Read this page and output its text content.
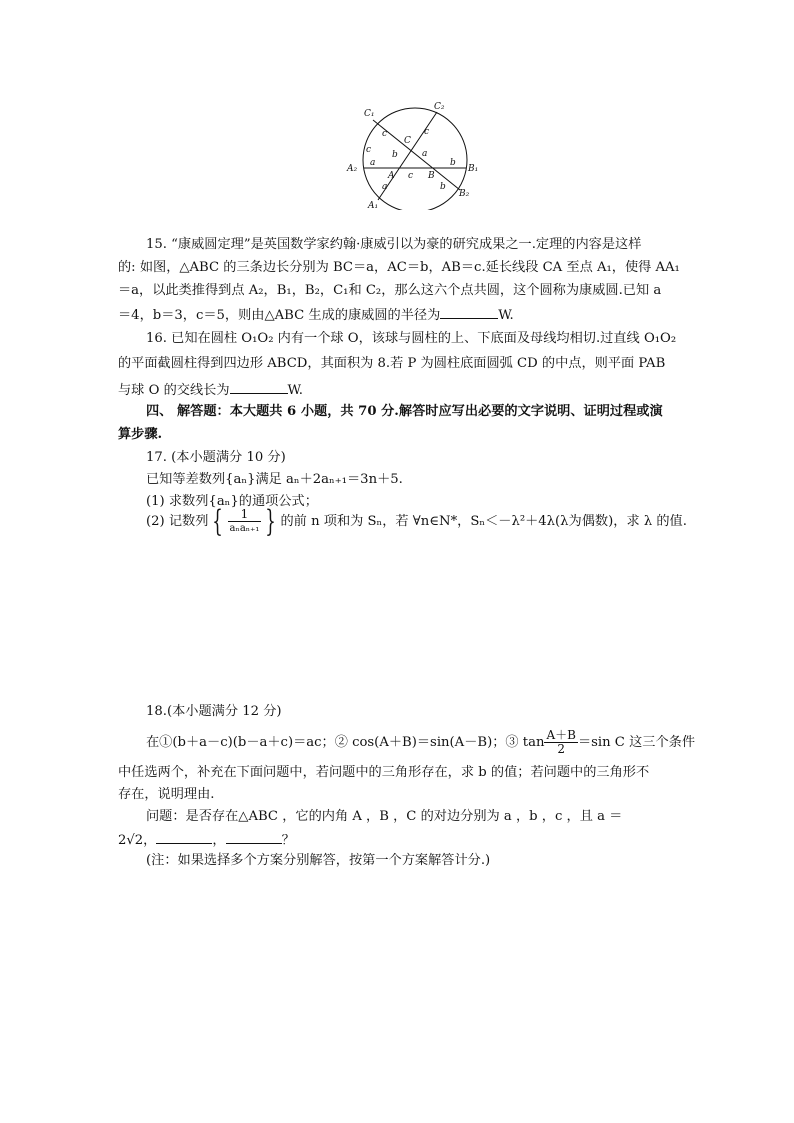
C₁
C₂
A₂	B₁
A₁
B₂
A	B
C
c	c
c
a
b	a
c
b
a	b
15. “康威圆定理”是英国数学家约翰·康威引以为豪的研究成果之一.定理的内容是这样
的: 如图，△ABC 的三条边长分别为 BC＝a，AC＝b，AB＝c.延长线段 CA 至点 A₁，使得 AA₁
＝a，以此类推得到点 A₂，B₁，B₂，C₁和 C₂，那么这六个点共圆，这个圆称为康威圆.已知 a
＝4，b＝3，c＝5，则由△ABC 生成的康威圆的半径为	W.
16. 已知在圆柱 O₁O₂ 内有一个球 O，该球与圆柱的上、下底面及母线均相切.过直线 O₁O₂
的平面截圆柱得到四边形 ABCD，其面积为 8.若 P 为圆柱底面圆弧 CD 的中点，则平面 PAB
与球 O 的交线长为	W.
四、 解答题：本大题共 6 小题，共 70 分.解答时应写出必要的文字说明、证明过程或演
算步骤.
17. (本小题满分 10 分)
已知等差数列{aₙ}满足 aₙ＋2aₙ₊₁＝3n＋5.
(1) 求数列{aₙ}的通项公式；
(2) 记数列 { $\frac{1}{\text{aₙaₙ₊₁}}$ } 的前 n 项和为 Sₙ，若 ∀n∈N*，Sₙ＜－λ²＋4λ(λ为偶数)，求 λ 的值.
18.(本小题满分 12 分)
在①(b＋a－c)(b－a＋c)＝ac；② cos(A＋B)＝sin(A－B)；③ $\tan \frac{A+B}{2} =\sin$ C 这三个条件
中任选两个，补充在下面问题中，若问题中的三角形存在，求 b 的值；若问题中的三角形不
存在，说明理由.
问题：是否存在△ABC ，它的内角 A ，B ，C 的对边分别为 a ，b ，c ，且 a ＝
2√2，	，	？
(注：如果选择多个方案分别解答，按第一个方案解答计分.)
